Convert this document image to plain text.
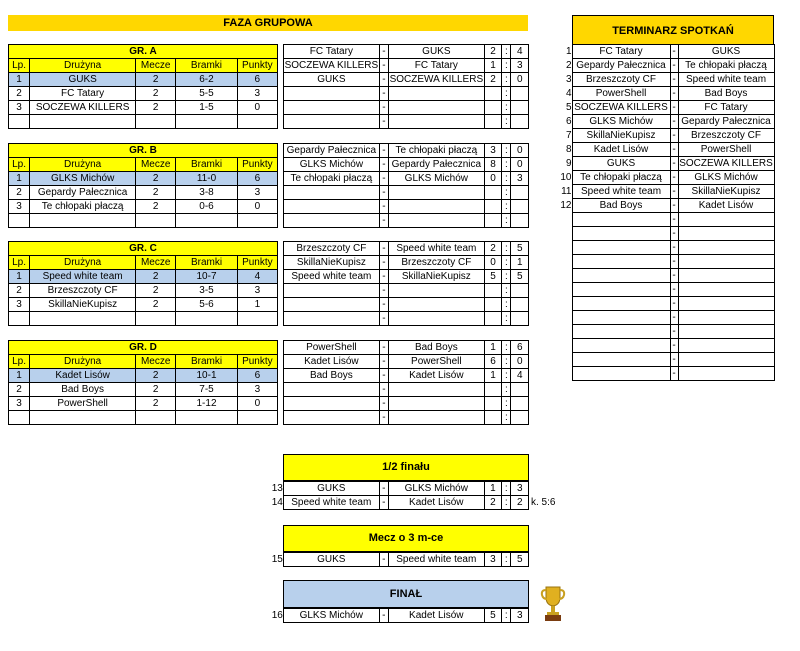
FAZA GRUPOWA
TERMINARZ SPOTKAŃ
GR. A				
Lp.	Drużyna	Mecze	Bramki	Punkty
1	GUKS	2	6-2	6
2	FC Tatary	2	5-5	3
3	SOCZEWA KILLERS	2	1-5	0

FC Tatary	-	GUKS	2	:	4
SOCZEWA KILLERS	-	FC Tatary	1	:	3
GUKS	-	SOCZEWA KILLERS	2	:	0
	-			:	
	-			:	
	-			:	
GR. B				
Lp.	Drużyna	Mecze	Bramki	Punkty
1	GLKS Michów	2	11-0	6
2	Gepardy Pałecznica	2	3-8	3
3	Te chłopaki płaczą	2	0-6	0

Gepardy Pałecznica	-	Te chłopaki płaczą	3	:	0
GLKS Michów	-	Gepardy Pałecznica	8	:	0
Te chłopaki płaczą	-	GLKS Michów	0	:	3
	-			:	
	-			:	
	-			:	
GR. C				
Lp.	Drużyna	Mecze	Bramki	Punkty
1	Speed white team	2	10-7	4
2	Brzeszczoty CF	2	3-5	3
3	SkillaNieKupisz	2	5-6	1

Brzeszczoty CF	-	Speed white team	2	:	5
SkillaNieKupisz	-	Brzeszczoty CF	0	:	1
Speed white team	-	SkillaNieKupisz	5	:	5
	-			:	
	-			:	
	-			:	
GR. D				
Lp.	Drużyna	Mecze	Bramki	Punkty
1	Kadet Lisów	2	10-1	6
2	Bad Boys	2	7-5	3
3	PowerShell	2	1-12	0

PowerShell	-	Bad Boys	1	:	6
Kadet Lisów	-	PowerShell	6	:	0
Bad Boys	-	Kadet Lisów	1	:	4
	-			:	
	-			:	
	-			:	
1	FC Tatary	-	GUKS
2	Gepardy Pałecznica	-	Te chłopaki płaczą
3	Brzeszczoty CF	-	Speed white team
4	PowerShell	-	Bad Boys
5	SOCZEWA KILLERS	-	FC Tatary
6	GLKS Michów	-	Gepardy Pałecznica
7	SkillaNieKupisz	-	Brzeszczoty CF
8	Kadet Lisów	-	PowerShell
9	GUKS	-	SOCZEWA KILLERS
10	Te chłopaki płaczą	-	GLKS Michów
11	Speed white team	-	SkillaNieKupisz
12	Bad Boys	-	Kadet Lisów
		-	
		-	
		-	
		-	
		-	
		-	
		-	
		-	
		-	
		-	
		-	
		-	
1/2 finału
13	GUKS	-	GLKS Michów	1	:	3
14	Speed white team	-	Kadet Lisów	2	:	2 k. 5:6
Mecz o 3 m-ce
15	GUKS	-	Speed white team	3	:	5
FINAŁ
16	GLKS Michów	-	Kadet Lisów	5	:	3
